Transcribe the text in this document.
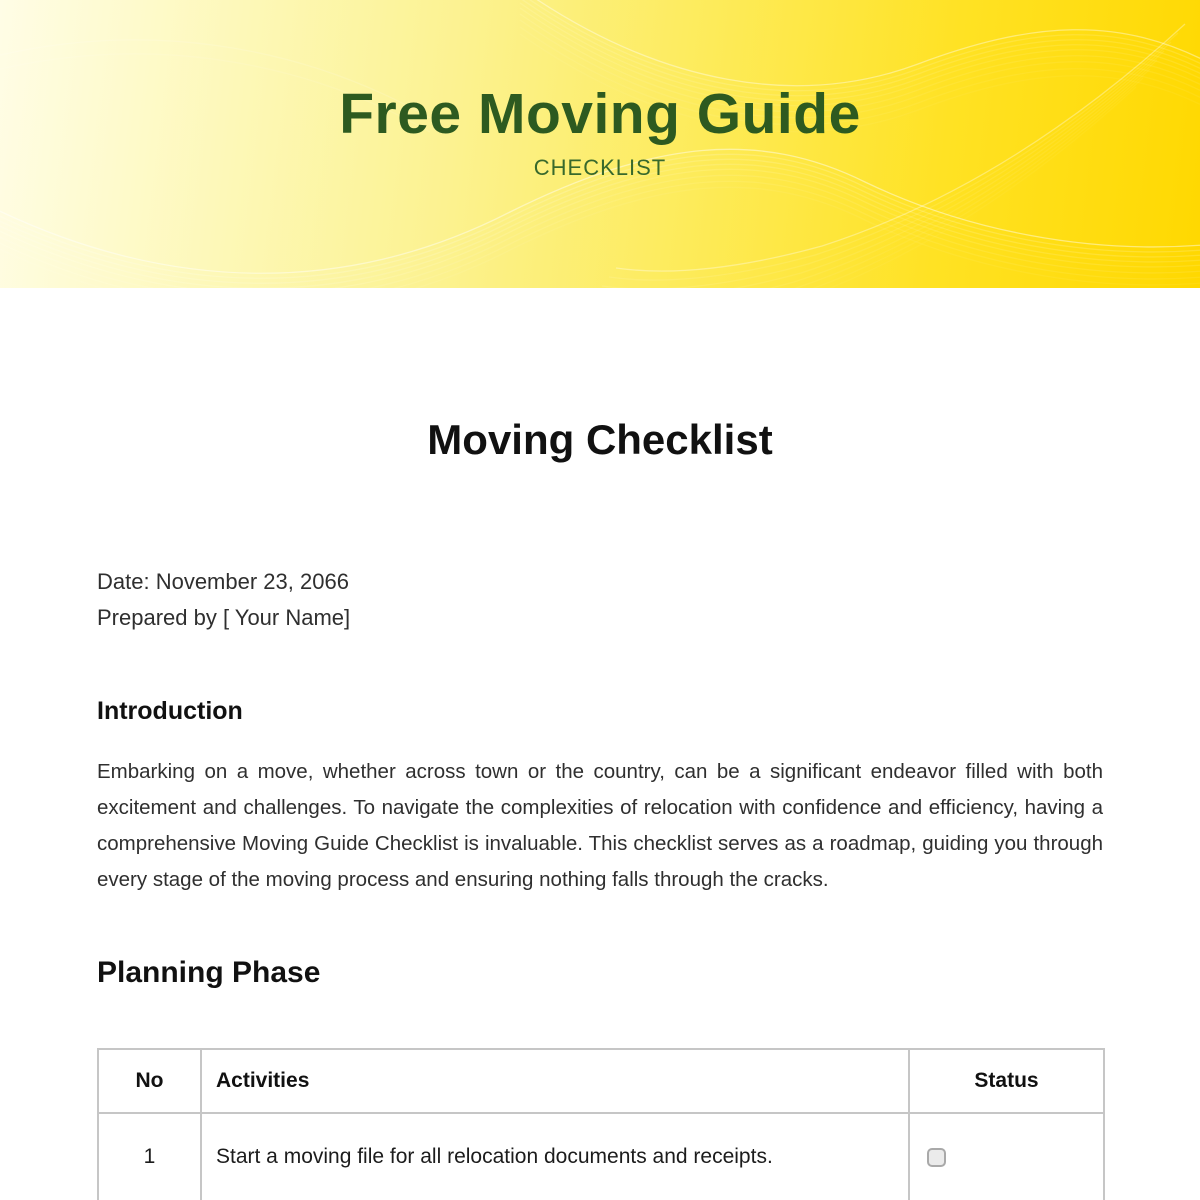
Free Moving Guide
CHECKLIST
Moving Checklist
Date: November 23, 2066
Prepared by [ Your Name]
Introduction

Embarking on a move, whether across town or the country, can be a significant endeavor filled with both excitement and challenges. To navigate the complexities of relocation with confidence and efficiency, having a comprehensive Moving Guide Checklist is invaluable. This checklist serves as a roadmap, guiding you through every stage of the moving process and ensuring nothing falls through the cracks.

Planning Phase
No	Activities	Status
1	Start a moving file for all relocation documents and receipts.	
